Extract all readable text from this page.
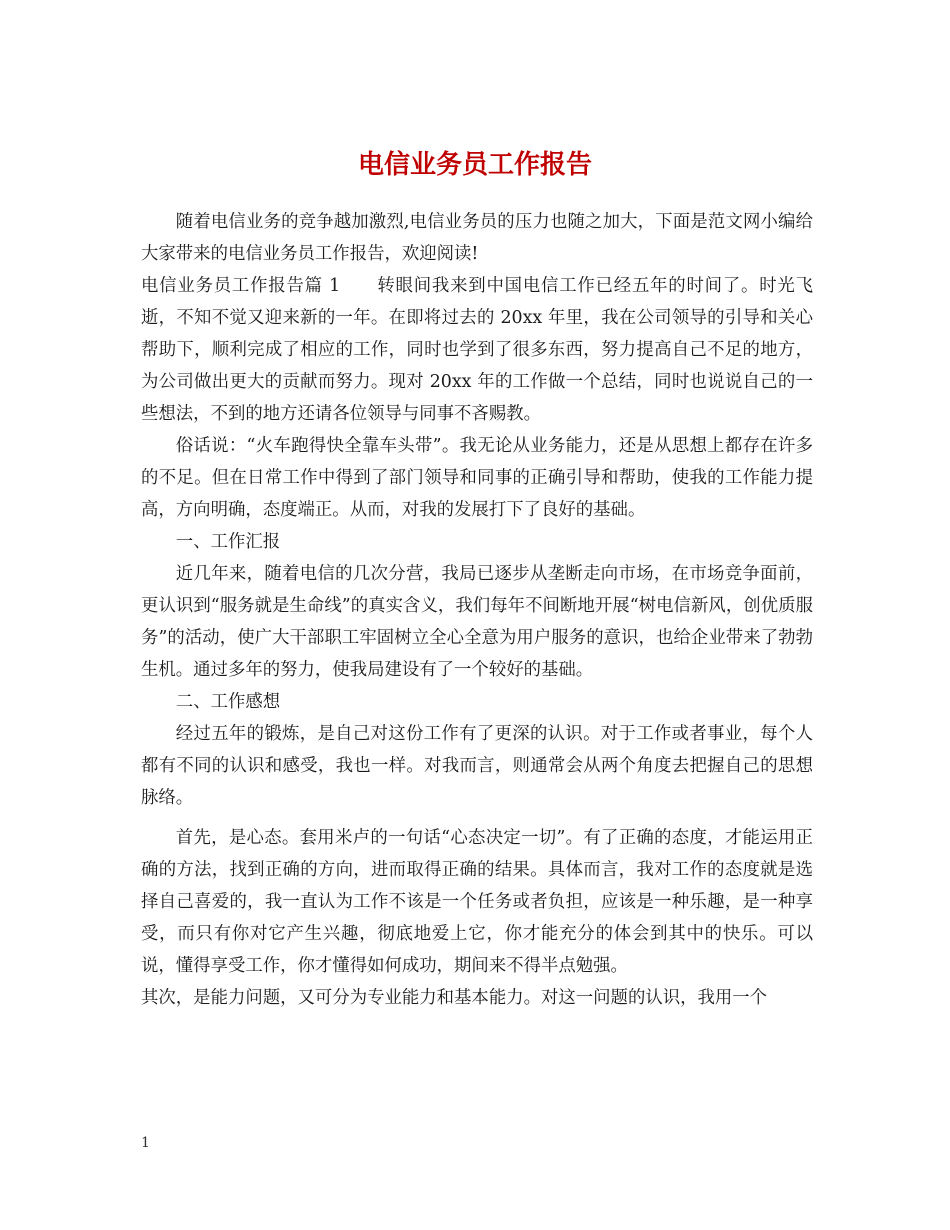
电信业务员工作报告

随着电信业务的竞争越加激烈,电信业务员的压力也随之加大，下面是范文网小编给大家带来的电信业务员工作报告，欢迎阅读!

电信业务员工作报告篇 1　　转眼间我来到中国电信工作已经五年的时间了。时光飞逝，不知不觉又迎来新的一年。在即将过去的 20xx 年里，我在公司领导的引导和关心帮助下，顺利完成了相应的工作，同时也学到了很多东西，努力提高自己不足的地方，为公司做出更大的贡献而努力。现对 20xx 年的工作做一个总结，同时也说说自己的一些想法，不到的地方还请各位领导与同事不吝赐教。

俗话说：“火车跑得快全靠车头带”。我无论从业务能力，还是从思想上都存在许多的不足。但在日常工作中得到了部门领导和同事的正确引导和帮助，使我的工作能力提高，方向明确，态度端正。从而，对我的发展打下了良好的基础。

一、工作汇报

近几年来，随着电信的几次分营，我局已逐步从垄断走向市场，在市场竞争面前，更认识到“服务就是生命线”的真实含义，我们每年不间断地开展“树电信新风，创优质服务”的活动，使广大干部职工牢固树立全心全意为用户服务的意识，也给企业带来了勃勃生机。通过多年的努力，使我局建设有了一个较好的基础。

二、工作感想

经过五年的锻炼，是自己对这份工作有了更深的认识。对于工作或者事业，每个人都有不同的认识和感受，我也一样。对我而言，则通常会从两个角度去把握自己的思想脉络。

首先，是心态。套用米卢的一句话“心态决定一切”。有了正确的态度，才能运用正确的方法，找到正确的方向，进而取得正确的结果。具体而言，我对工作的态度就是选择自己喜爱的，我一直认为工作不该是一个任务或者负担，应该是一种乐趣，是一种享受，而只有你对它产生兴趣，彻底地爱上它，你才能充分的体会到其中的快乐。可以说，懂得享受工作，你才懂得如何成功，期间来不得半点勉强。

其次，是能力问题，又可分为专业能力和基本能力。对这一问题的认识，我用一个

1
